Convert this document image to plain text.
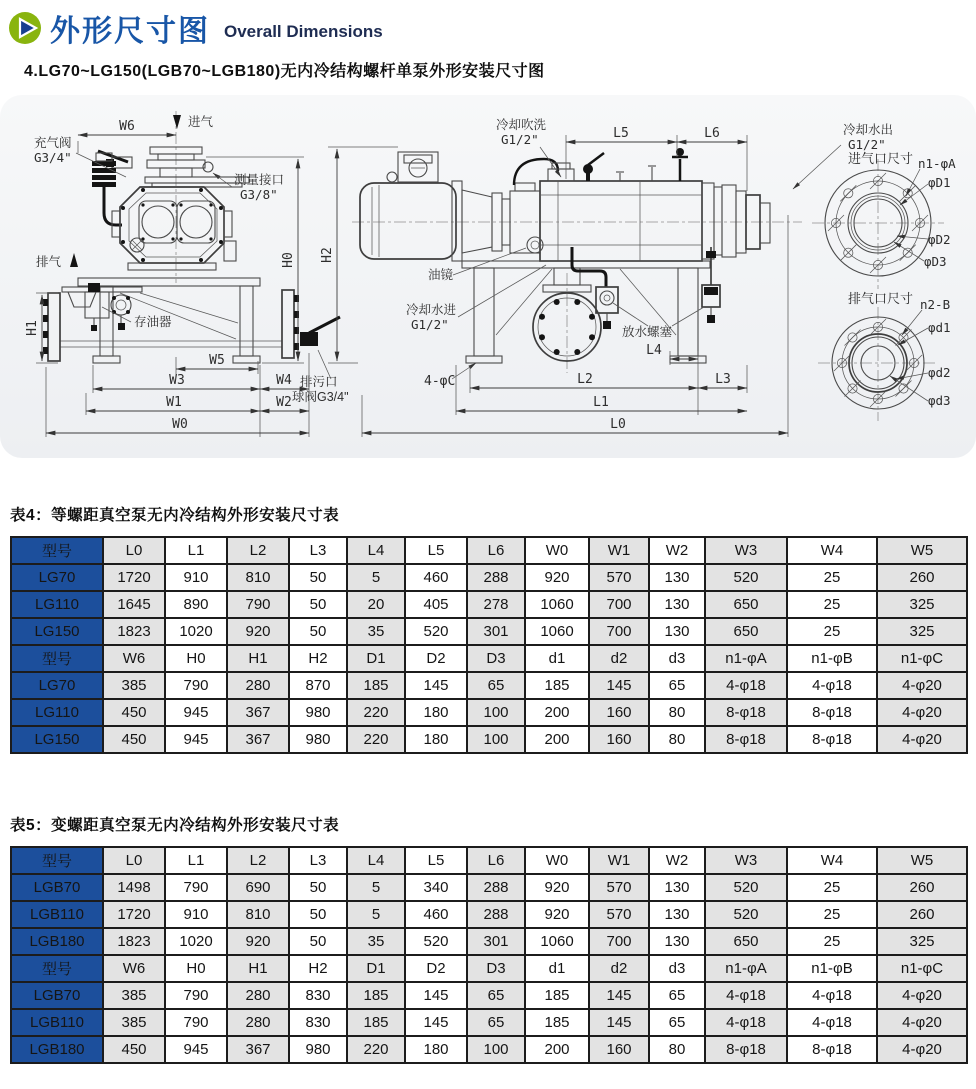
外形尺寸图 Overall Dimensions
4.LG70~LG150(LGB70~LGB180)无内冷结构螺杆单泵外形安装尺寸图
W6	进气
充气阀
G3/4"
测量接口
G3/8"
排气
H1
H0 H2
存油器
W5
W3	W4
W1	W2
W0
排污口
球阀G3/4"
冷却吹洗
G1/2"	L5	L6	冷却水出
G1/2"
油镜
冷却水进
G1/2"	放水螺塞
4-φC
L4
L2	L3
L1
L0
进气口尺寸 n1-φA
φD1
φD2
φD3
排气口尺寸 n2-B
φd1
φd2
φd3
表4：等螺距真空泵无内冷结构外形安装尺寸表
型号	L0	L1	L2	L3	L4	L5	L6	W0	W1	W2	W3	W4	W5
LG70	1720	910	810	50	5	460	288	920	570	130	520	25	260
LG110	1645	890	790	50	20	405	278	1060	700	130	650	25	325
LG150	1823	1020	920	50	35	520	301	1060	700	130	650	25	325
型号	W6	H0	H1	H2	D1	D2	D3	d1	d2	d3	n1-φA	n1-φB	n1-φC
LG70	385	790	280	870	185	145	65	185	145	65	4-φ18	4-φ18	4-φ20
LG110	450	945	367	980	220	180	100	200	160	80	8-φ18	8-φ18	4-φ20
LG150	450	945	367	980	220	180	100	200	160	80	8-φ18	8-φ18	4-φ20
表5：变螺距真空泵无内冷结构外形安装尺寸表
型号	L0	L1	L2	L3	L4	L5	L6	W0	W1	W2	W3	W4	W5
LGB70	1498	790	690	50	5	340	288	920	570	130	520	25	260
LGB110	1720	910	810	50	5	460	288	920	570	130	520	25	260
LGB180	1823	1020	920	50	35	520	301	1060	700	130	650	25	325
型号	W6	H0	H1	H2	D1	D2	D3	d1	d2	d3	n1-φA	n1-φB	n1-φC
LGB70	385	790	280	830	185	145	65	185	145	65	4-φ18	4-φ18	4-φ20
LGB110	385	790	280	830	185	145	65	185	145	65	4-φ18	4-φ18	4-φ20
LGB180	450	945	367	980	220	180	100	200	160	80	8-φ18	8-φ18	4-φ20
